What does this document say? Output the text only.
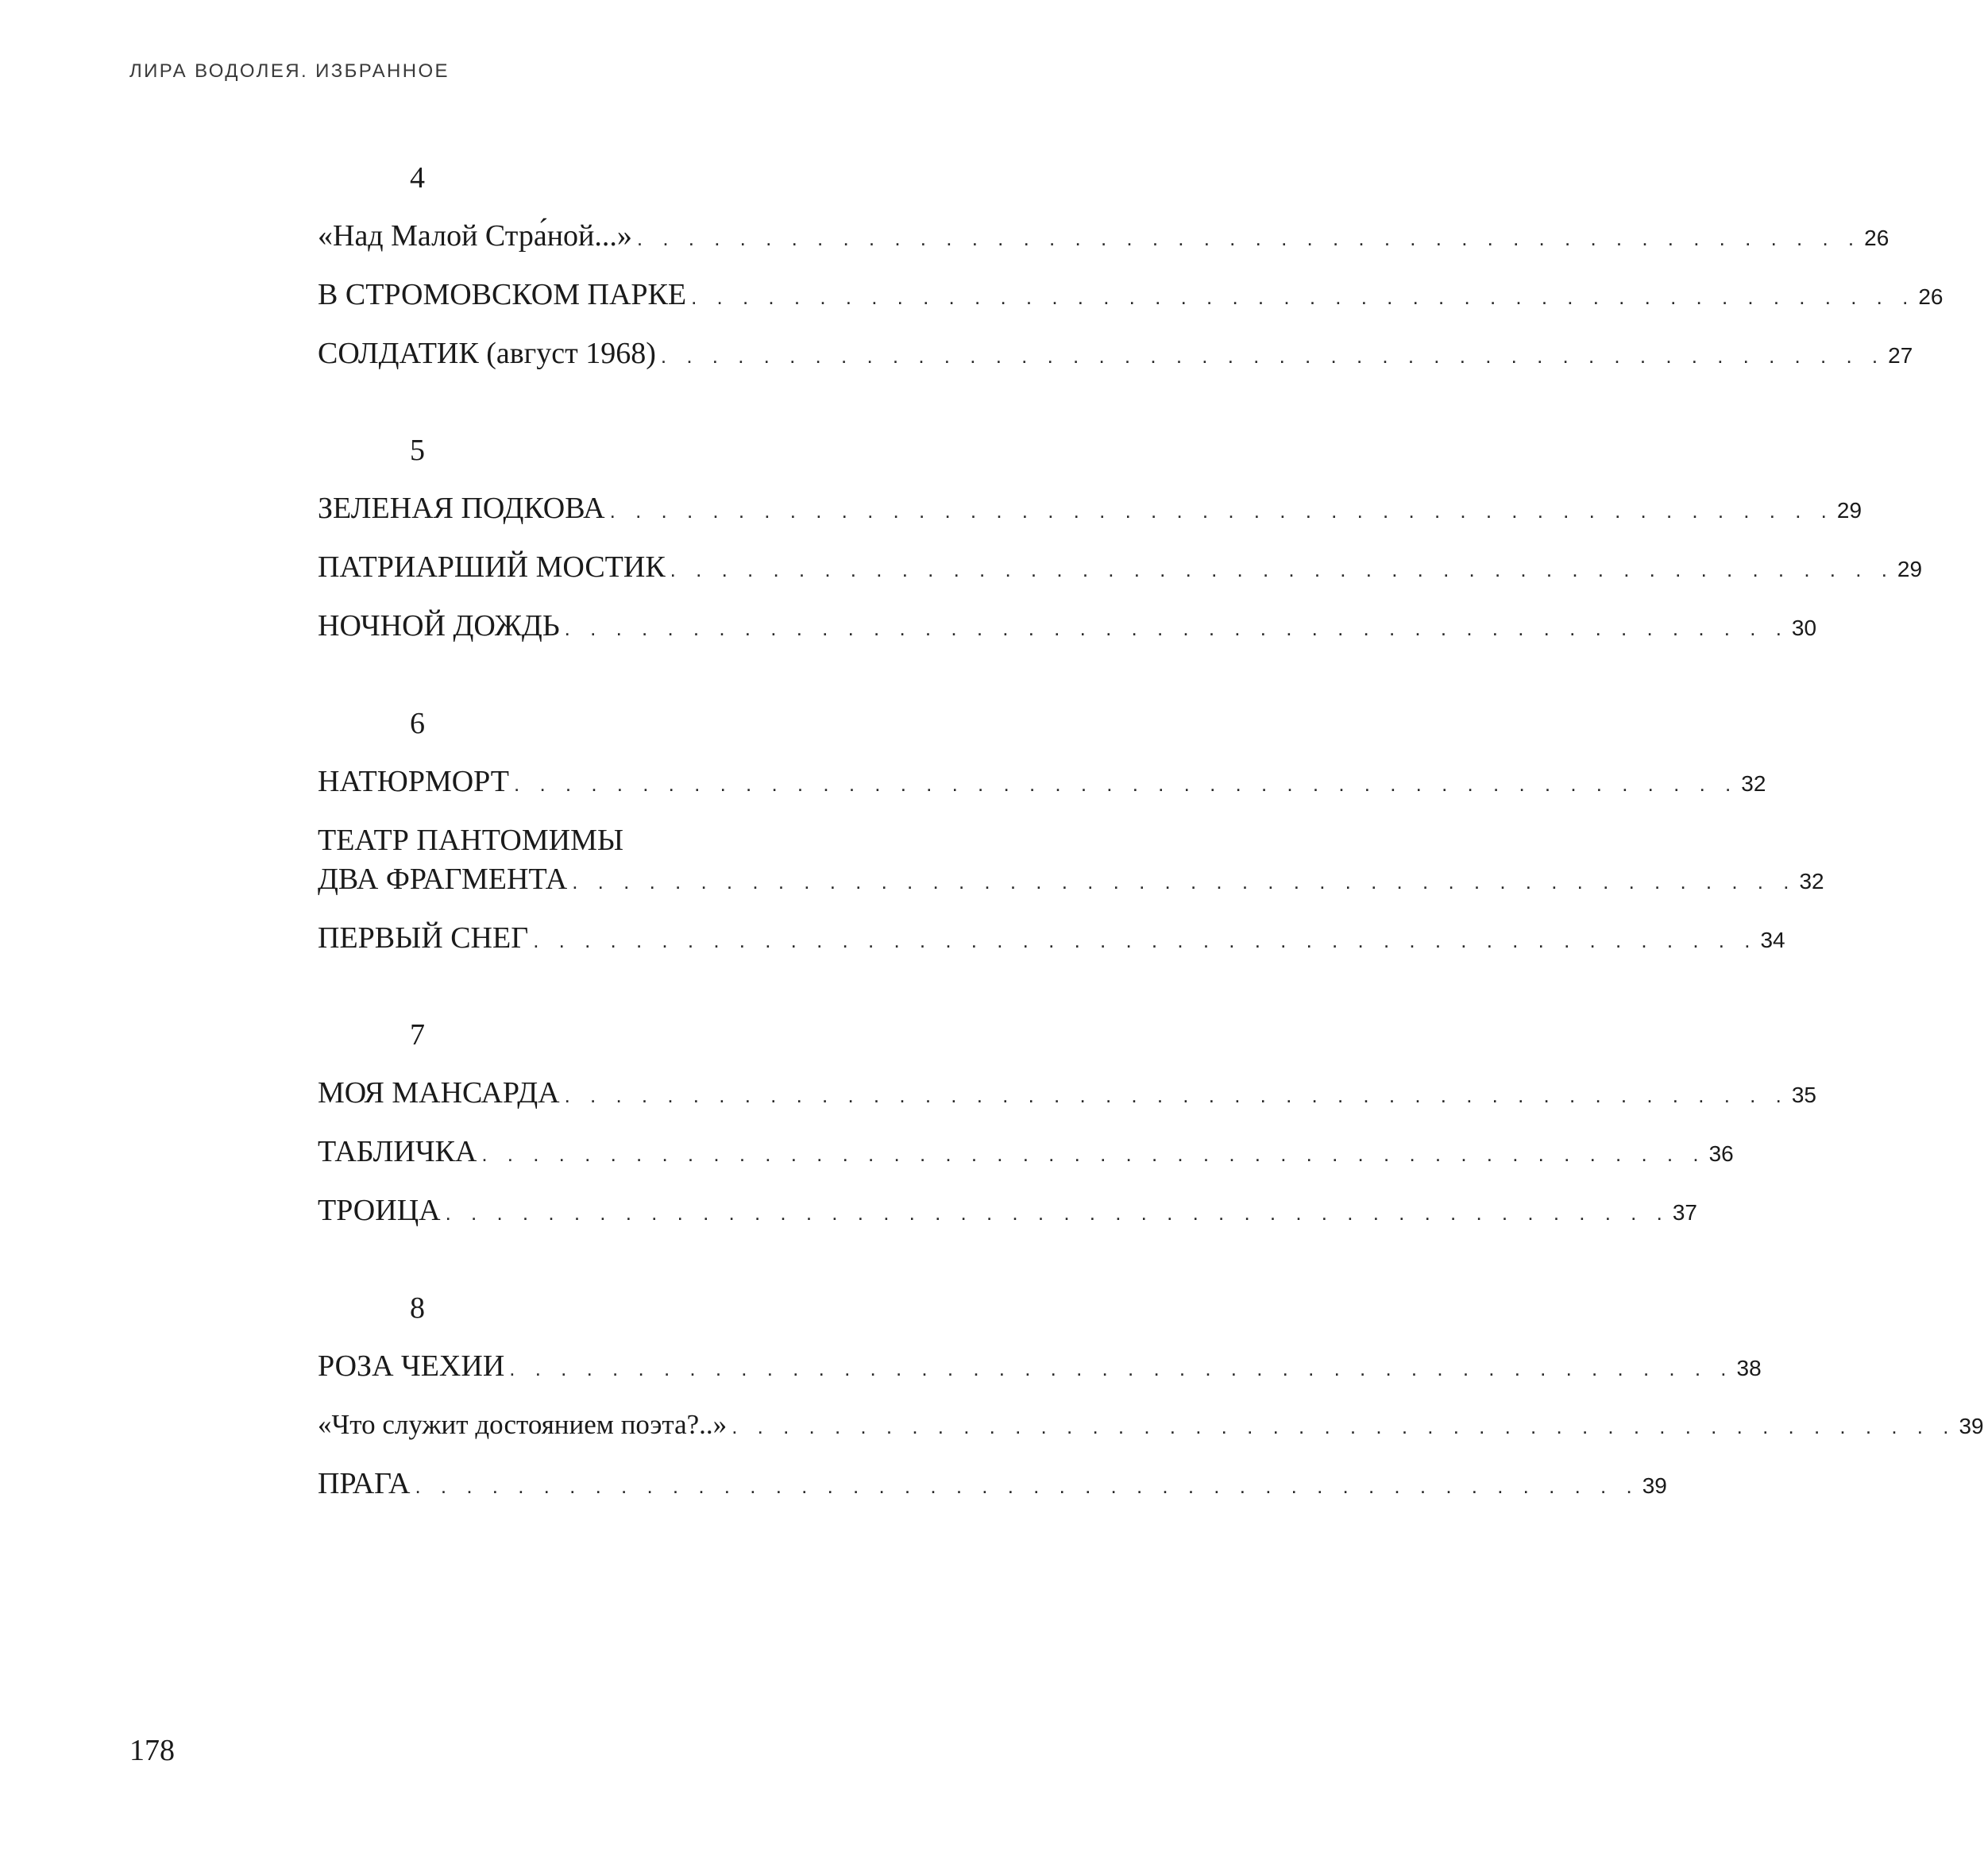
ЛИРА ВОДОЛЕЯ. ИЗБРАННОЕ
4
«Над Малой Стра́ной...» . . . . . . . . . . . . . . . . . . . . . . . . . . . . . . . . . . . . . . . . . . . . . . . . 26
В СТРОМОВСКОМ ПАРКЕ . . . . . . . . . . . . . . . . . . . . . . . . . . . . . . . . . . . . . . . . . . . . . . . . 26
СОЛДАТИК (август 1968) . . . . . . . . . . . . . . . . . . . . . . . . . . . . . . . . . . . . . . . . . . . . . . . . 27
5
ЗЕЛЕНАЯ ПОДКОВА . . . . . . . . . . . . . . . . . . . . . . . . . . . . . . . . . . . . . . . . . . . . . . . . 29
ПАТРИАРШИЙ МОСТИК . . . . . . . . . . . . . . . . . . . . . . . . . . . . . . . . . . . . . . . . . . . . . . . . 29
НОЧНОЙ ДОЖДЬ . . . . . . . . . . . . . . . . . . . . . . . . . . . . . . . . . . . . . . . . . . . . . . . . 30
6
НАТЮРМОРТ . . . . . . . . . . . . . . . . . . . . . . . . . . . . . . . . . . . . . . . . . . . . . . . . 32
ТЕАТР ПАНТОМИМЫ
ДВА ФРАГМЕНТА . . . . . . . . . . . . . . . . . . . . . . . . . . . . . . . . . . . . . . . . . . . . . . . . 32
ПЕРВЫЙ СНЕГ . . . . . . . . . . . . . . . . . . . . . . . . . . . . . . . . . . . . . . . . . . . . . . . . 34
7
МОЯ МАНСАРДА . . . . . . . . . . . . . . . . . . . . . . . . . . . . . . . . . . . . . . . . . . . . . . . . 35
ТАБЛИЧКА . . . . . . . . . . . . . . . . . . . . . . . . . . . . . . . . . . . . . . . . . . . . . . . . 36
ТРОИЦА . . . . . . . . . . . . . . . . . . . . . . . . . . . . . . . . . . . . . . . . . . . . . . . . 37
8
РОЗА ЧЕХИИ . . . . . . . . . . . . . . . . . . . . . . . . . . . . . . . . . . . . . . . . . . . . . . . . 38
«Что служит достоянием поэта?..» . . . . . . . . . . . . . . . . . . . . . . . . . . . . . . . . . . . . . . . . . . . . . . . . 39
ПРАГА . . . . . . . . . . . . . . . . . . . . . . . . . . . . . . . . . . . . . . . . . . . . . . . . 39
178
